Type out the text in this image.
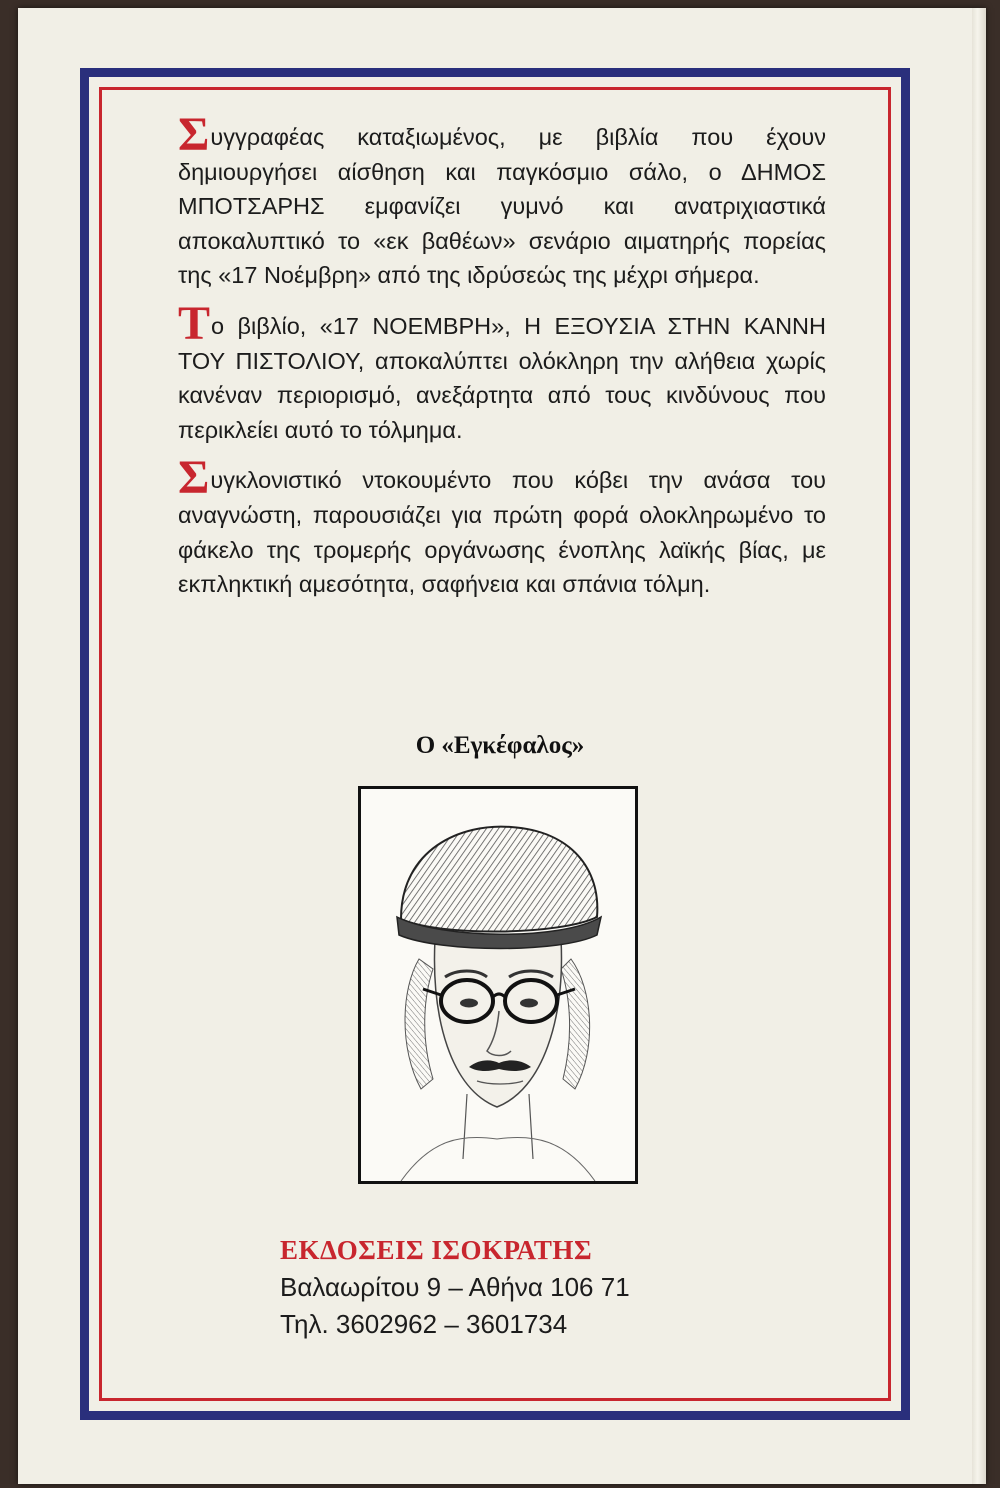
Συγγραφέας καταξιωμένος, με βιβλία που έχουν δημιουργήσει αίσθηση και παγκόσμιο σάλο, ο ΔΗΜΟΣ ΜΠΟΤΣΑΡΗΣ εμφανίζει γυμνό και ανατριχιαστικά αποκαλυπτικό το «εκ βαθέων» σενάριο αιματηρής πορείας της «17 Νοέμβρη» από της ιδρύσεώς της μέχρι σήμερα.

Το βιβλίο, «17 ΝΟΕΜΒΡΗ», Η ΕΞΟΥΣΙΑ ΣΤΗΝ ΚΑΝΝΗ ΤΟΥ ΠΙΣΤΟΛΙΟΥ, αποκαλύπτει ολόκληρη την αλήθεια χωρίς κανέναν περιορισμό, ανεξάρτητα από τους κινδύνους που περικλείει αυτό το τόλμημα.

Συγκλονιστικό ντοκουμέντο που κόβει την ανάσα του αναγνώστη, παρουσιάζει για πρώτη φορά ολοκληρωμένο το φάκελο της τρομερής οργάνωσης ένοπλης λαϊκής βίας, με εκπληκτική αμεσότητα, σαφήνεια και σπάνια τόλμη.

Ο «Εγκέφαλος»
ΕΚΔΟΣΕΙΣ ΙΣΟΚΡΑΤΗΣ
Βαλαωρίτου 9 – Αθήνα 106 71
Τηλ. 3602962 – 3601734
